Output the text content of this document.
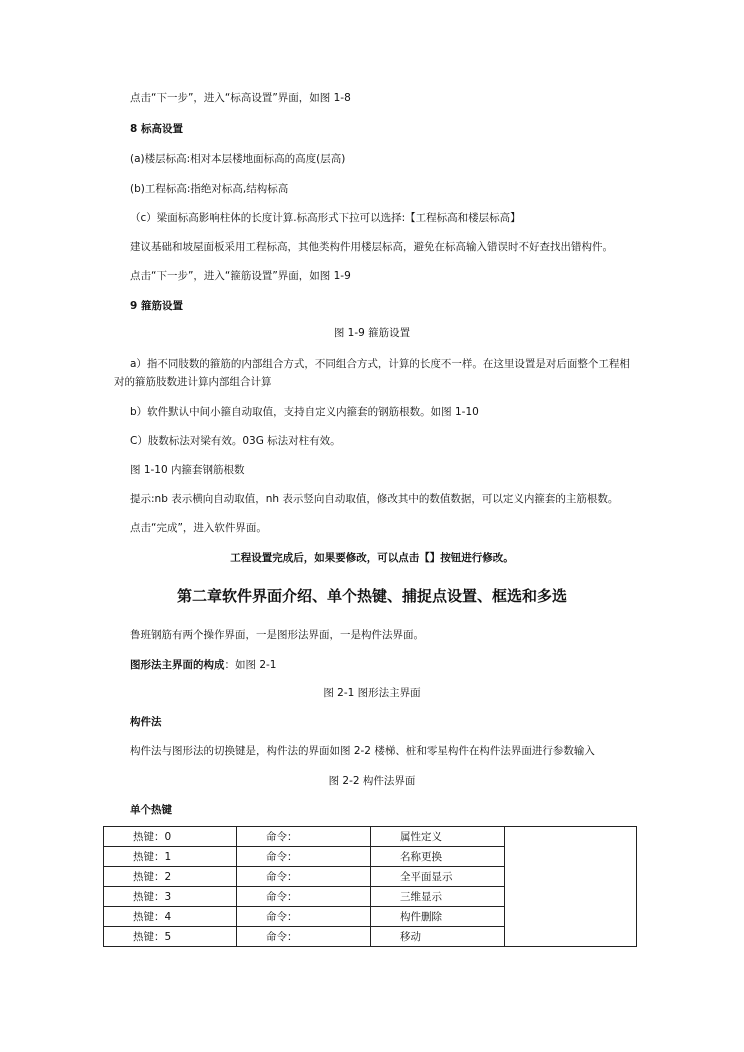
点击“下一步”，进入“标高设置”界面，如图 1-8
8 标高设置
(a)楼层标高:相对本层楼地面标高的高度(层高)
(b)工程标高:指绝对标高,结构标高
（c）梁面标高影响柱体的长度计算.标高形式下拉可以选择:【工程标高和楼层标高】
建议基础和坡屋面板采用工程标高，其他类构件用楼层标高，避免在标高输入错误时不好查找出错构件。
点击“下一步”，进入“箍筋设置”界面，如图 1-9
9 箍筋设置
图 1-9 箍筋设置
a）指不同肢数的箍筋的内部组合方式，不同组合方式，计算的长度不一样。在这里设置是对后面整个工程相对的箍筋肢数进计算内部组合计算
b）软件默认中间小箍自动取值，支持自定义内箍套的钢筋根数。如图 1-10
C）肢数标法对梁有效。03G 标法对柱有效。
图 1-10 内箍套钢筋根数
提示:nb 表示横向自动取值，nh 表示竖向自动取值，修改其中的数值数据，可以定义内箍套的主筋根数。
点击“完成”，进入软件界面。
工程设置完成后，如果要修改，可以点击【】按钮进行修改。
第二章软件界面介绍、单个热键、捕捉点设置、框选和多选
鲁班钢筋有两个操作界面，一是图形法界面，一是构件法界面。
图形法主界面的构成：如图 2-1
图 2-1 图形法主界面
构件法
构件法与图形法的切换键是，构件法的界面如图 2-2 楼梯、桩和零星构件在构件法界面进行参数输入
图 2-2 构件法界面
单个热键
热键：0	命令：	属性定义	
热键：1	命令：	名称更换	
热键：2	命令：	全平面显示	
热键：3	命令：	三维显示	
热键：4	命令：	构件删除	
热键：5	命令：	移动	
